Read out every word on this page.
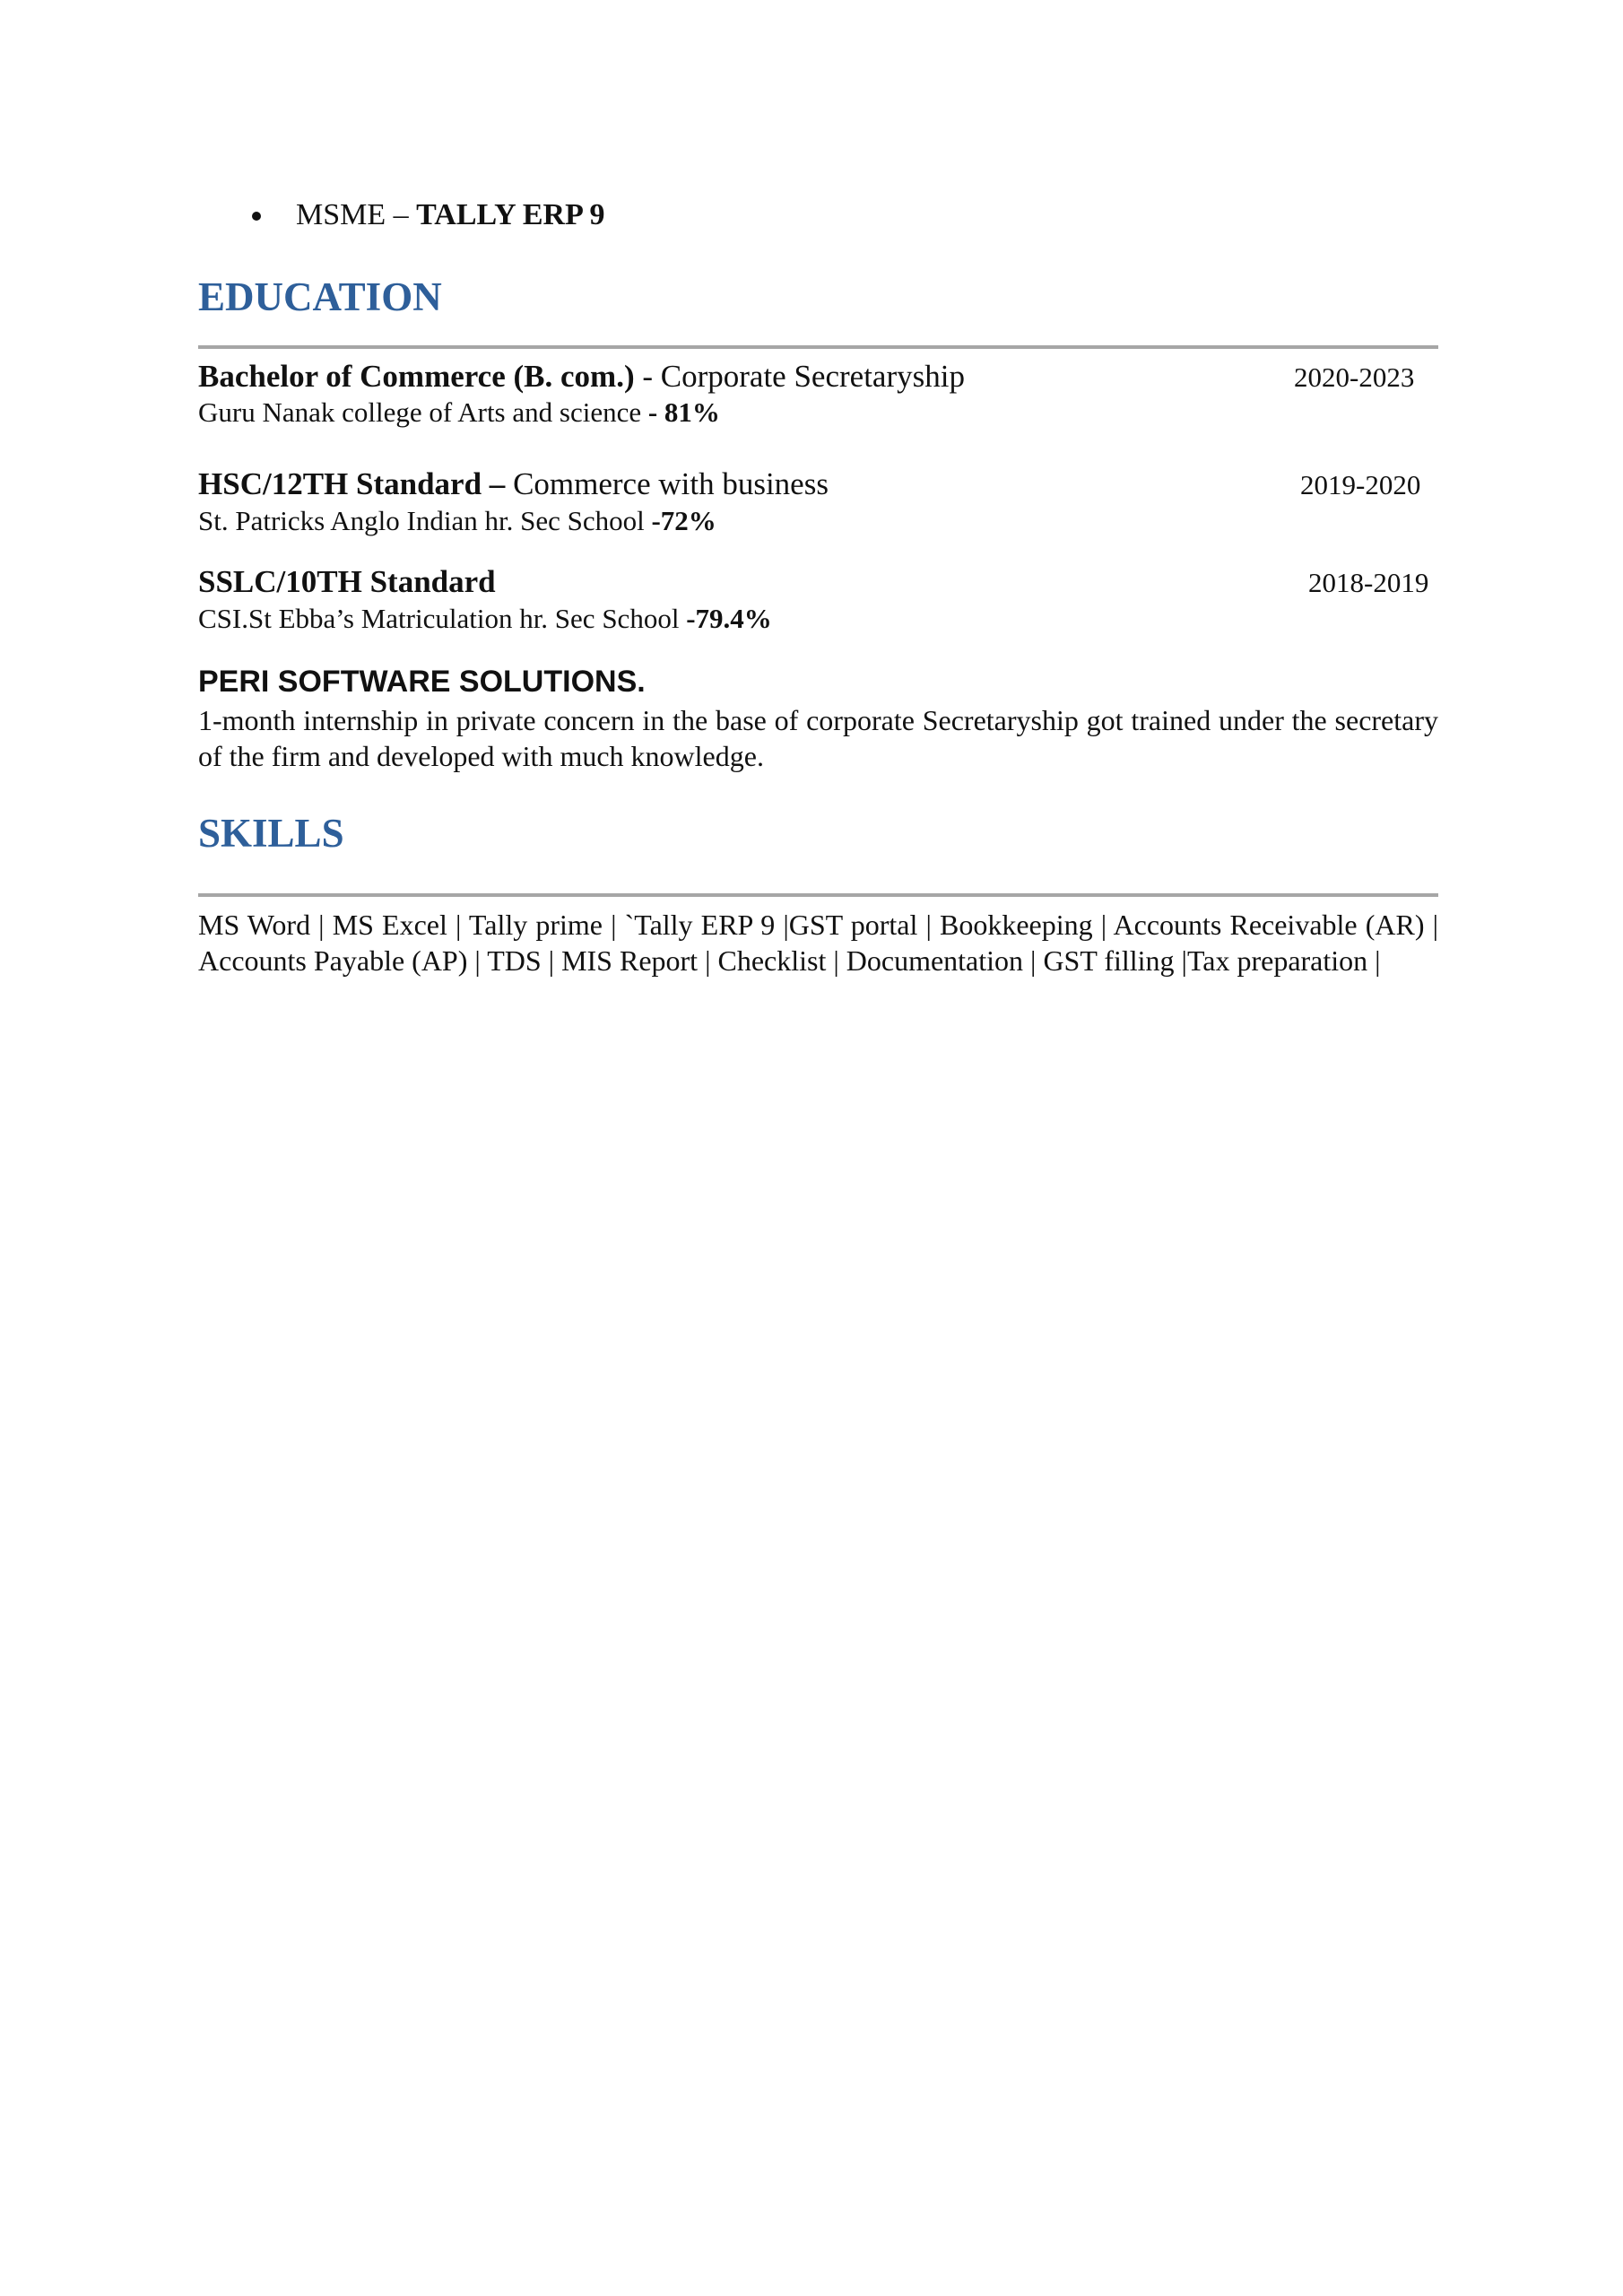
MSME – TALLY ERP 9
EDUCATION
Bachelor of Commerce (B. com.) - Corporate Secretaryship	2020-2023
Guru Nanak college of Arts and science - 81%
HSC/12TH Standard – Commerce with business	2019-2020
St. Patricks Anglo Indian hr. Sec School -72%
SSLC/10TH Standard	2018-2019
CSI.St Ebba’s Matriculation hr. Sec School -79.4%
PERI SOFTWARE SOLUTIONS.
1-month internship in private concern in the base of corporate Secretaryship got trained under the secretary of the firm and developed with much knowledge.
SKILLS
MS Word | MS Excel | Tally prime | `Tally ERP 9 |GST portal | Bookkeeping | Accounts Receivable (AR) | Accounts Payable (AP) | TDS | MIS Report | Checklist | Documentation | GST filling |Tax preparation |
